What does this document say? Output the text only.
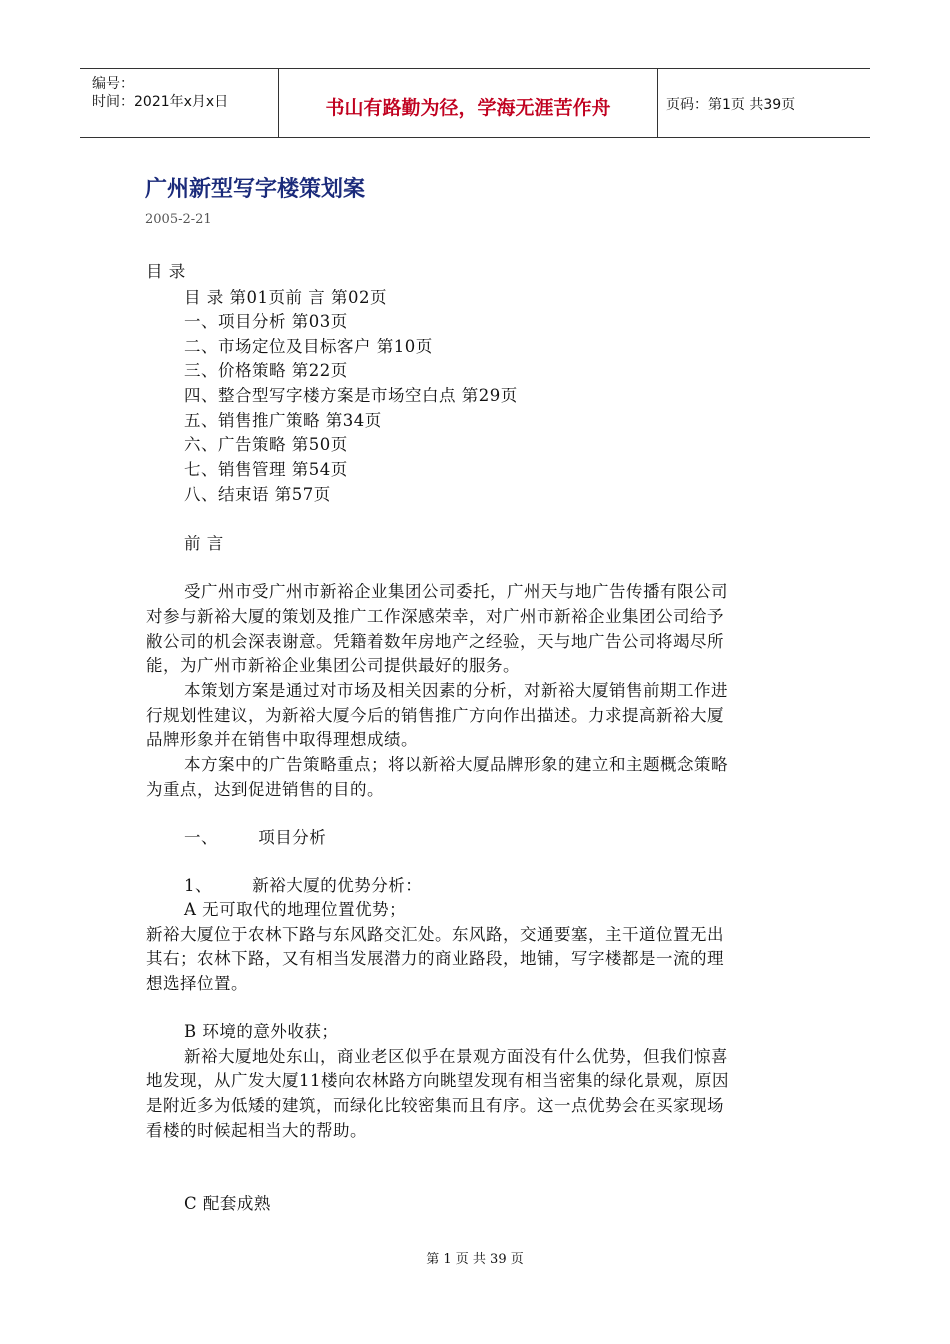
编号：
时间：2021年x月x日	书山有路勤为径，学海无涯苦作舟	页码：第1页 共39页
广州新型写字楼策划案
2005-2-21
目 录
目 录 第01页前 言 第02页
一、项目分析 第03页
二、市场定位及目标客户 第10页
三、价格策略 第22页
四、整合型写字楼方案是市场空白点 第29页
五、销售推广策略 第34页
六、广告策略 第50页
七、销售管理 第54页
八、结束语 第57页
前 言
受广州市受广州市新裕企业集团公司委托，广州天与地广告传播有限公司
对参与新裕大厦的策划及推广工作深感荣幸，对广州市新裕企业集团公司给予
敝公司的机会深表谢意。凭籍着数年房地产之经验，天与地广告公司将竭尽所
能，为广州市新裕企业集团公司提供最好的服务。
本策划方案是通过对市场及相关因素的分析，对新裕大厦销售前期工作进
行规划性建议，为新裕大厦今后的销售推广方向作出描述。力求提高新裕大厦
品牌形象并在销售中取得理想成绩。
本方案中的广告策略重点；将以新裕大厦品牌形象的建立和主题概念策略
为重点，达到促进销售的目的。
一、       项目分析
1、       新裕大厦的优势分析：
A 无可取代的地理位置优势；
新裕大厦位于农林下路与东风路交汇处。东风路，交通要塞，主干道位置无出
其右；农林下路，又有相当发展潜力的商业路段，地铺，写字楼都是一流的理
想选择位置。
B 环境的意外收获；
新裕大厦地处东山，商业老区似乎在景观方面没有什么优势，但我们惊喜
地发现，从广发大厦11楼向农林路方向眺望发现有相当密集的绿化景观，原因
是附近多为低矮的建筑，而绿化比较密集而且有序。这一点优势会在买家现场
看楼的时候起相当大的帮助。
C 配套成熟
第 1 页 共 39 页
